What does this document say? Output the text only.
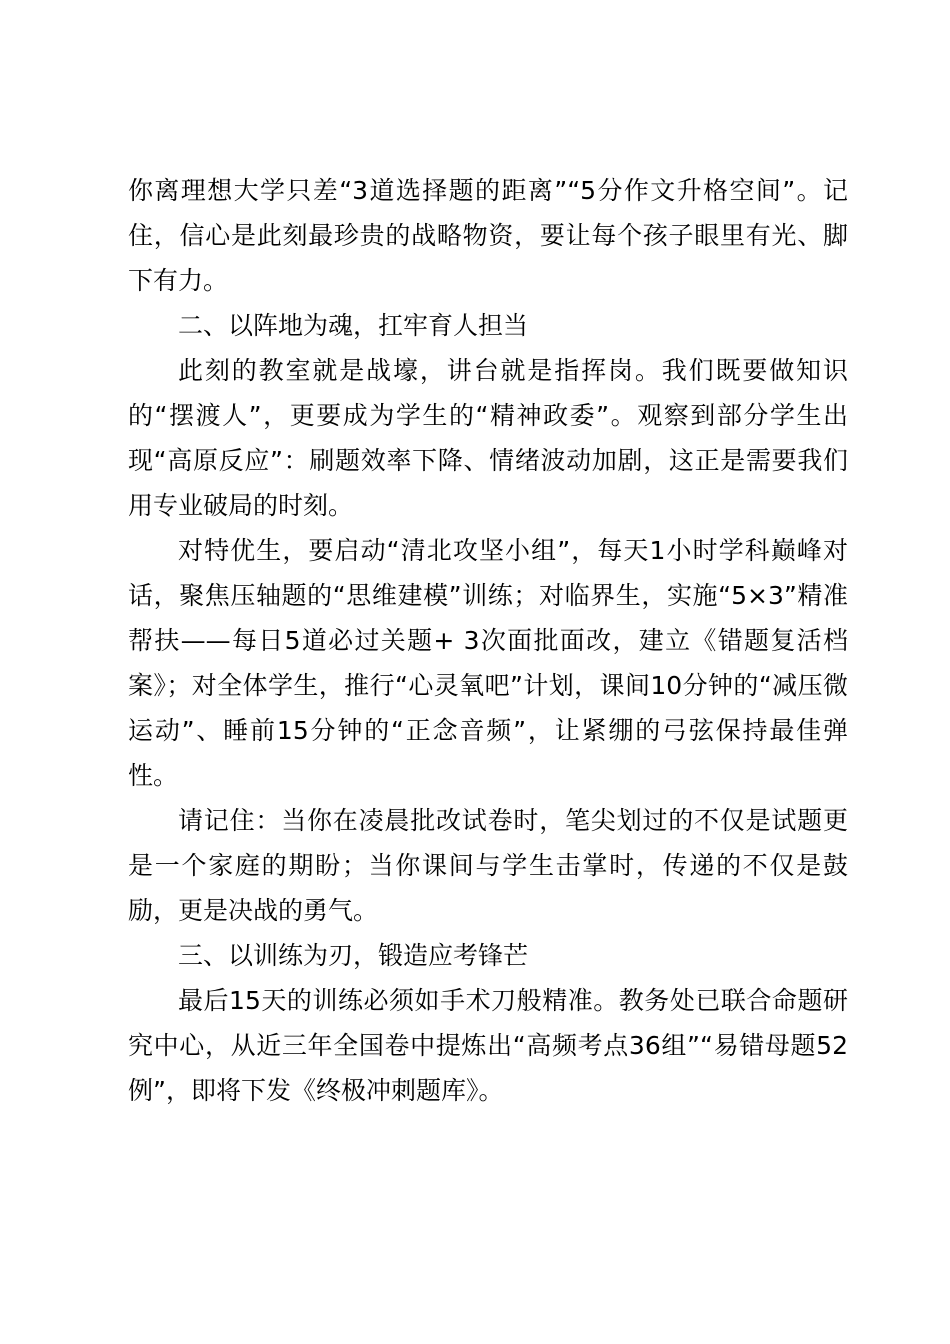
你离理想大学只差“3道选择题的距离”“5分作文升格空间”。记住，信心是此刻最珍贵的战略物资，要让每个孩子眼里有光、脚下有力。

二、以阵地为魂，扛牢育人担当

此刻的教室就是战壕，讲台就是指挥岗。我们既要做知识的“摆渡人”，更要成为学生的“精神政委”。观察到部分学生出现“高原反应”：刷题效率下降、情绪波动加剧，这正是需要我们用专业破局的时刻。

对特优生，要启动“清北攻坚小组”，每天1小时学科巅峰对话，聚焦压轴题的“思维建模”训练；对临界生，实施“5×3”精准帮扶——每日5道必过关题+ 3次面批面改，建立《错题复活档案》；对全体学生，推行“心灵氧吧”计划，课间10分钟的“减压微运动”、睡前15分钟的“正念音频”，让紧绷的弓弦保持最佳弹性。

请记住：当你在凌晨批改试卷时，笔尖划过的不仅是试题更是一个家庭的期盼；当你课间与学生击掌时，传递的不仅是鼓励，更是决战的勇气。

三、以训练为刃，锻造应考锋芒

最后15天的训练必须如手术刀般精准。教务处已联合命题研究中心，从近三年全国卷中提炼出“高频考点36组”“易错母题52例”，即将下发《终极冲刺题库》。
